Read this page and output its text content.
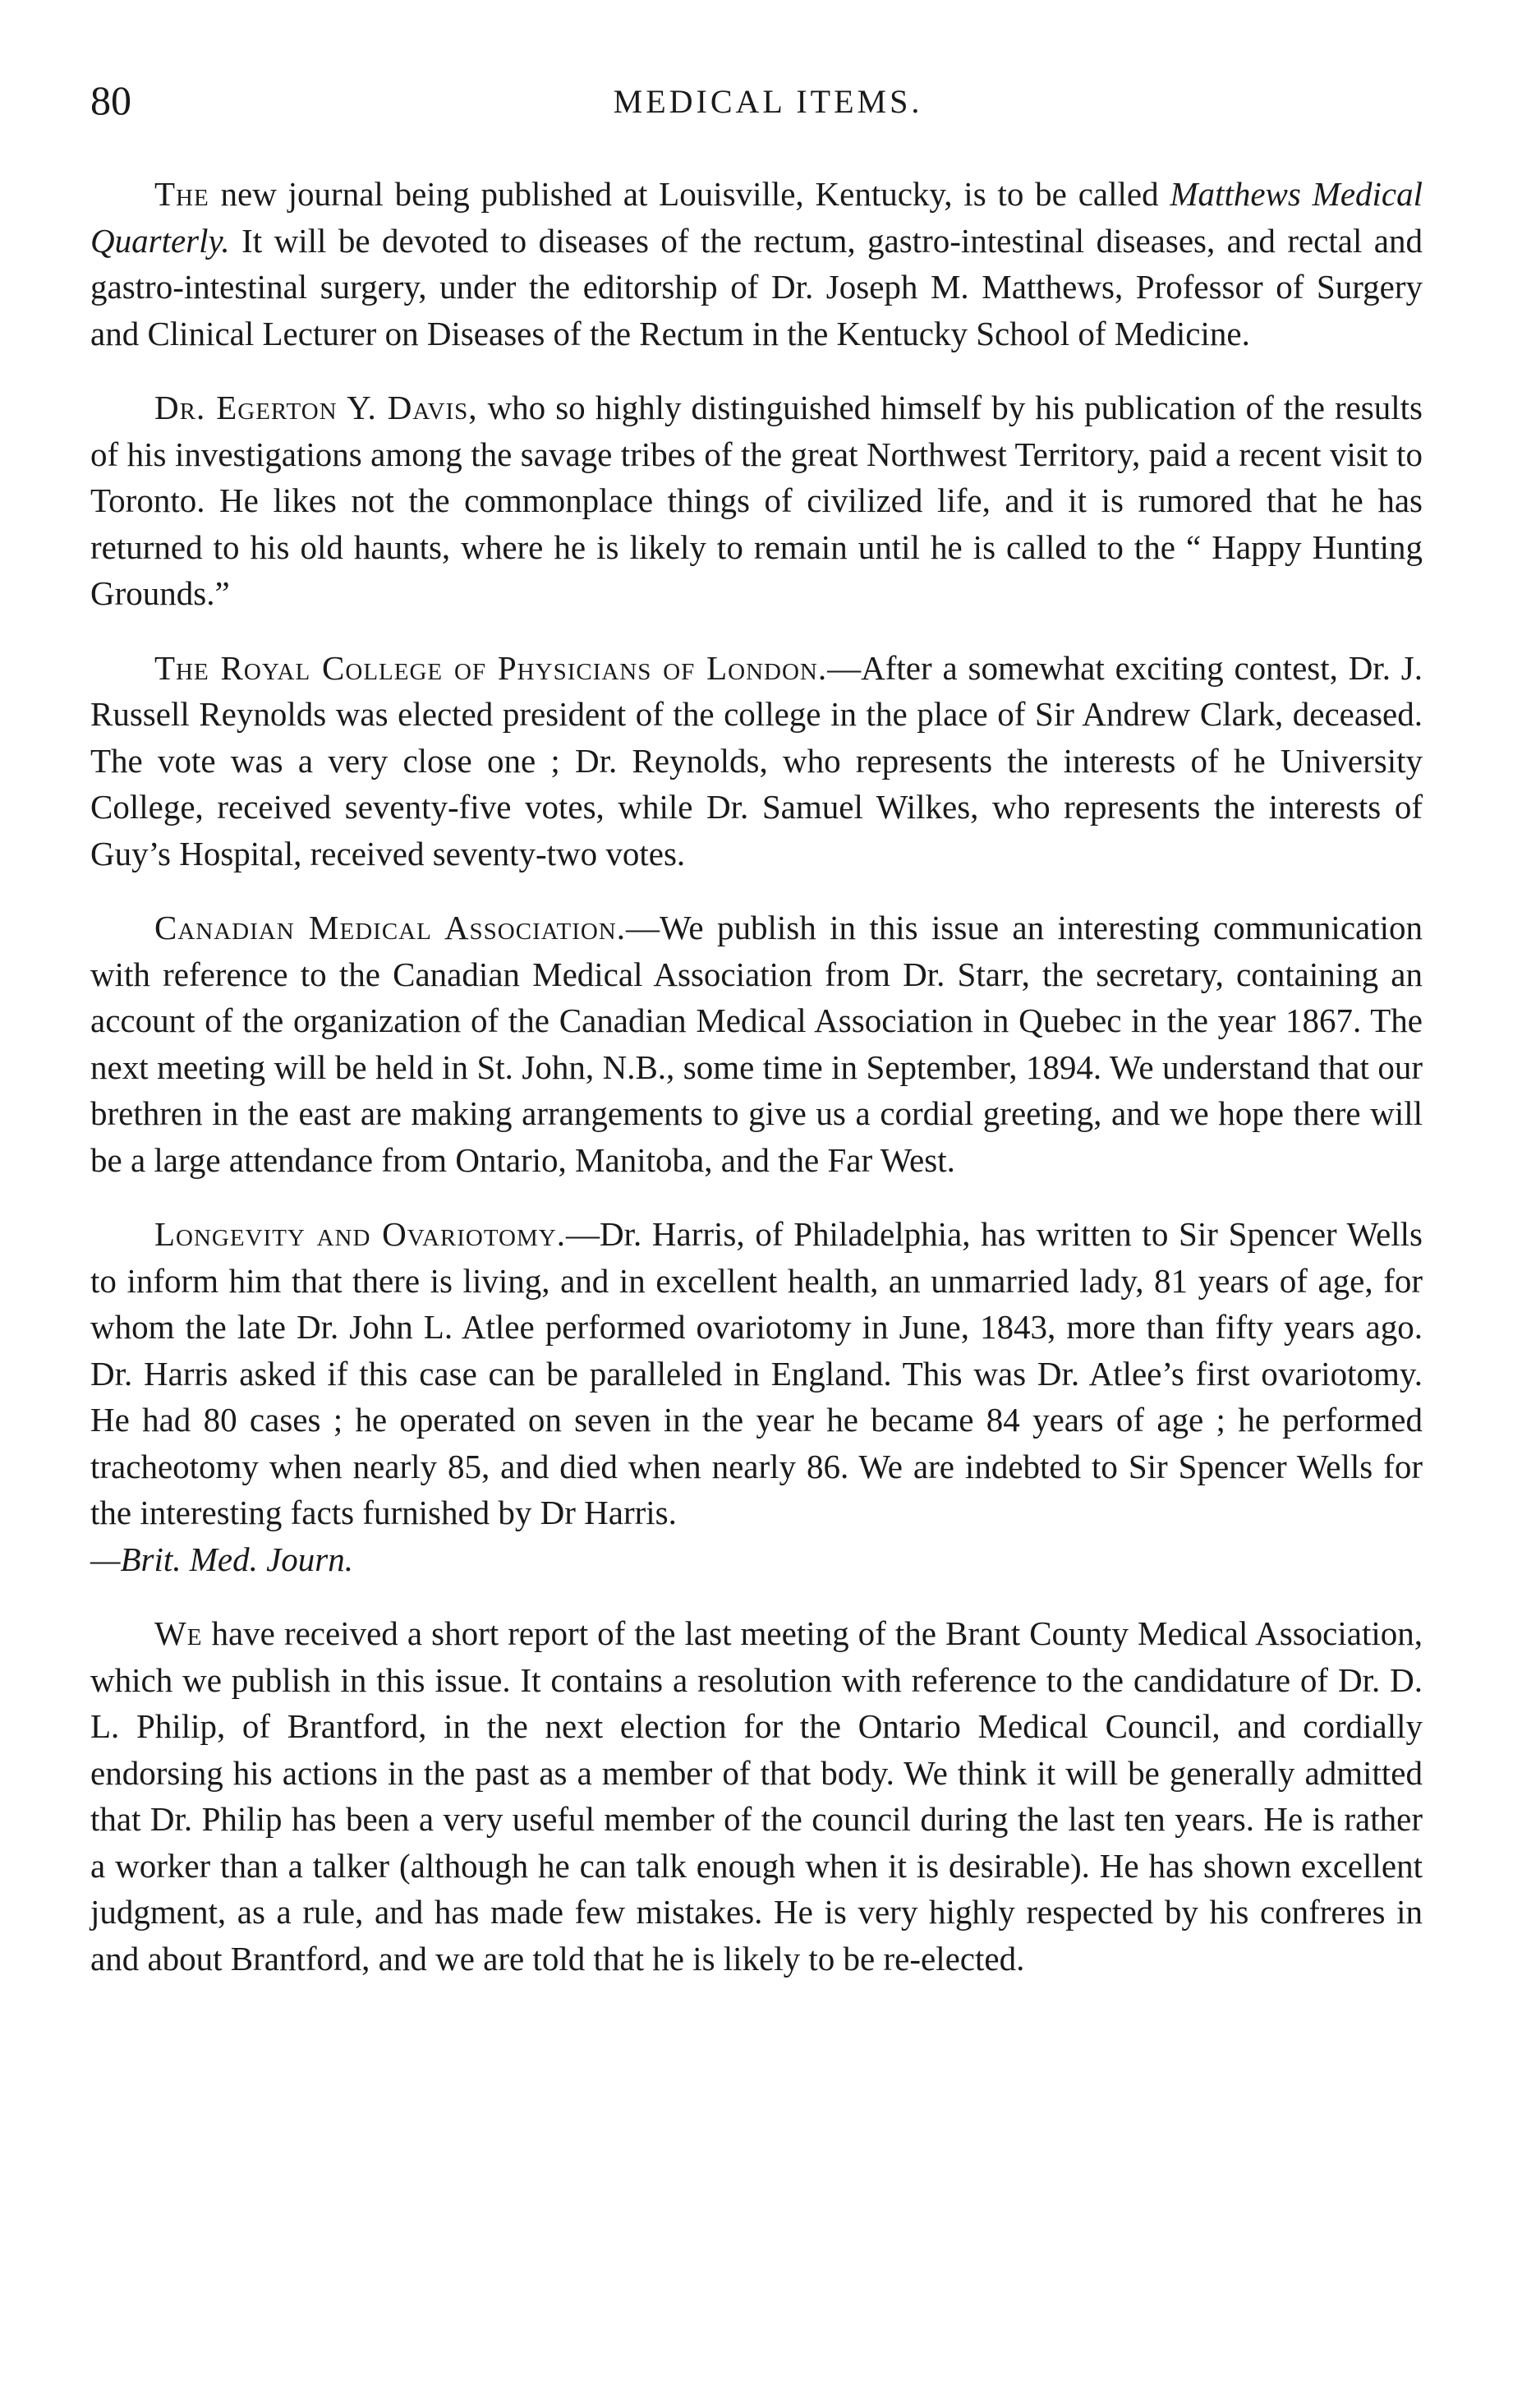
80	MEDICAL ITEMS.

The new journal being published at Louisville, Kentucky, is to be called Matthews Medical Quarterly. It will be devoted to diseases of the rectum, gastro-intestinal diseases, and rectal and gastro-intestinal surgery, under the editorship of Dr. Joseph M. Matthews, Professor of Surgery and Clinical Lecturer on Diseases of the Rectum in the Kentucky School of Medicine.

Dr. Egerton Y. Davis, who so highly distinguished himself by his publication of the results of his investigations among the savage tribes of the great Northwest Territory, paid a recent visit to Toronto. He likes not the commonplace things of civilized life, and it is rumored that he has returned to his old haunts, where he is likely to remain until he is called to the “ Happy Hunting Grounds.”

The Royal College of Physicians of London.—After a somewhat exciting contest, Dr. J. Russell Reynolds was elected president of the college in the place of Sir Andrew Clark, deceased. The vote was a very close one ; Dr. Reynolds, who represents the interests of he University College, received seventy-five votes, while Dr. Samuel Wilkes, who represents the interests of Guy’s Hospital, received seventy-two votes.

Canadian Medical Association.—We publish in this issue an interesting communication with reference to the Canadian Medical Association from Dr. Starr, the secretary, containing an account of the organization of the Canadian Medical Association in Quebec in the year 1867. The next meeting will be held in St. John, N.B., some time in September, 1894. We understand that our brethren in the east are making arrangements to give us a cordial greeting, and we hope there will be a large attendance from Ontario, Manitoba, and the Far West.

Longevity and Ovariotomy.—Dr. Harris, of Philadelphia, has written to Sir Spencer Wells to inform him that there is living, and in excellent health, an unmarried lady, 81 years of age, for whom the late Dr. John L. Atlee performed ovariotomy in June, 1843, more than fifty years ago. Dr. Harris asked if this case can be paralleled in England. This was Dr. Atlee’s first ovariotomy. He had 80 cases ; he operated on seven in the year he became 84 years of age ; he performed tracheotomy when nearly 85, and died when nearly 86. We are indebted to Sir Spencer Wells for the interesting facts furnished by Dr Harris.
—Brit. Med. Journ.

We have received a short report of the last meeting of the Brant County Medical Association, which we publish in this issue. It contains a resolution with reference to the candidature of Dr. D. L. Philip, of Brantford, in the next election for the Ontario Medical Council, and cordially endorsing his actions in the past as a member of that body. We think it will be generally admitted that Dr. Philip has been a very useful member of the council during the last ten years. He is rather a worker than a talker (although he can talk enough when it is desirable). He has shown excellent judgment, as a rule, and has made few mistakes. He is very highly respected by his confreres in and about Brantford, and we are told that he is likely to be re-elected.
